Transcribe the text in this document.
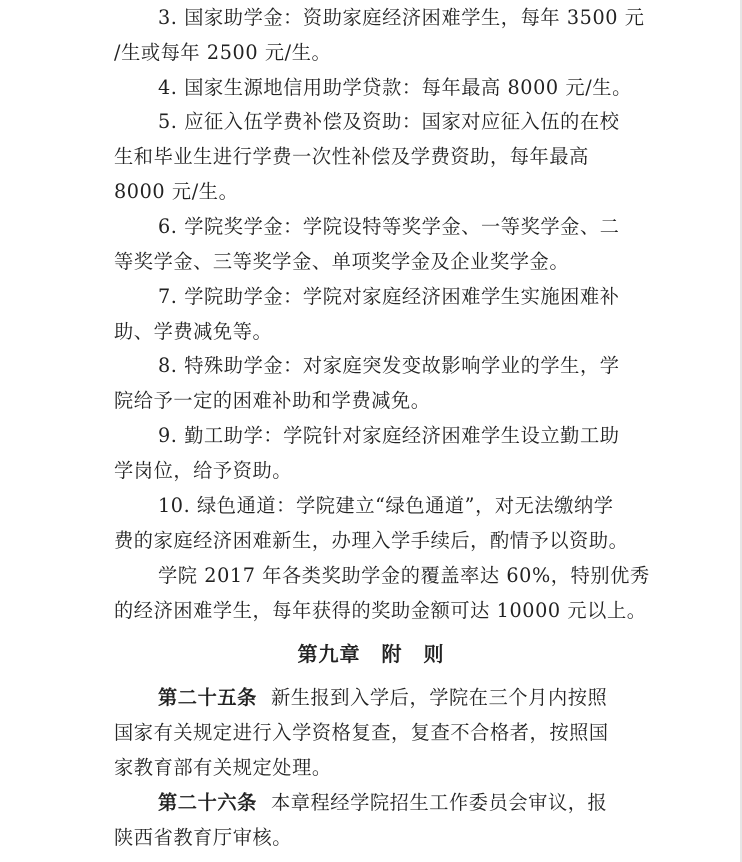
3. 国家助学金：资助家庭经济困难学生，每年 3500 元
/生或每年 2500 元/生。
4. 国家生源地信用助学贷款：每年最高 8000 元/生。
5. 应征入伍学费补偿及资助：国家对应征入伍的在校
生和毕业生进行学费一次性补偿及学费资助，每年最高
8000 元/生。
6. 学院奖学金：学院设特等奖学金、一等奖学金、二
等奖学金、三等奖学金、单项奖学金及企业奖学金。
7. 学院助学金：学院对家庭经济困难学生实施困难补
助、学费减免等。
8. 特殊助学金：对家庭突发变故影响学业的学生，学
院给予一定的困难补助和学费减免。
9. 勤工助学：学院针对家庭经济困难学生设立勤工助
学岗位，给予资助。
10. 绿色通道：学院建立“绿色通道”，对无法缴纳学
费的家庭经济困难新生，办理入学手续后，酌情予以资助。
学院 2017 年各类奖助学金的覆盖率达 60%，特别优秀
的经济困难学生，每年获得的奖助金额可达 10000 元以上。
第九章　附　则
第二十五条 新生报到入学后，学院在三个月内按照
国家有关规定进行入学资格复查，复查不合格者，按照国
家教育部有关规定处理。
第二十六条 本章程经学院招生工作委员会审议，报
陕西省教育厅审核。
